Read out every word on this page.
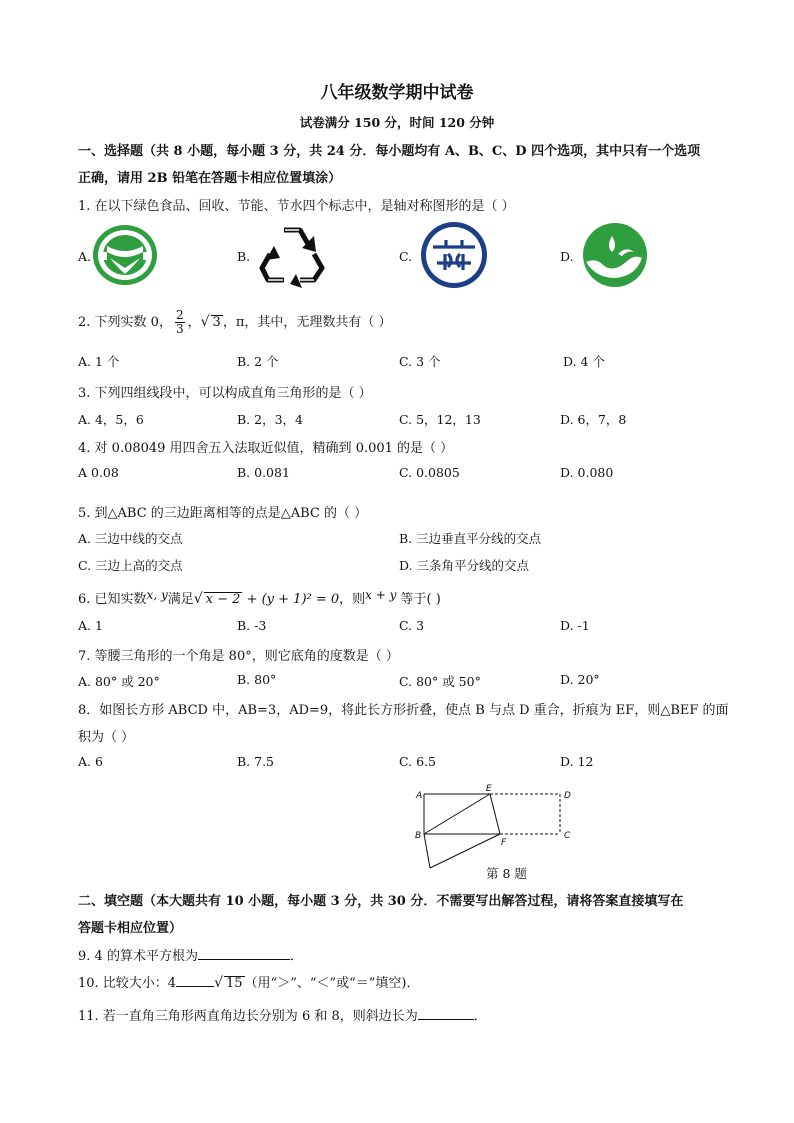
八年级数学期中试卷
试卷满分 150 分，时间 120 分钟
一、选择题（共 8 小题，每小题 3 分，共 24 分．每小题均有 A、B、C、D 四个选项，其中只有一个选项
正确，请用 2B 铅笔在答题卡相应位置填涂）
1. 在以下绿色食品、回收、节能、节水四个标志中，是轴对称图形的是（ ）
A.	B.	C.	D.
2. 下列实数 0， $\frac{2}{3}$ ，√ 3 ，π，其中，无理数共有（ ）
A. 1 个	B. 2 个	C. 3 个	D. 4 个
3. 下列四组线段中，可以构成直角三角形的是（ ）
A. 4，5，6	B. 2，3，4	C. 5，12，13	D. 6，7，8
4. 对 0.08049 用四舍五入法取近似值，精确到 0.001 的是（ ）
A 0.08	B. 0.081	C. 0.0805	D. 0.080
5. 到△ABC 的三边距离相等的点是△ABC 的（ ）
A. 三边中线的交点	B. 三边垂直平分线的交点
C. 三边上高的交点	D. 三条角平分线的交点
6. 已知实数x, y满足√ x − 2 + (y + 1)² = 0，则x + y 等于( )
A. 1	B. -3	C. 3	D. -1
7. 等腰三角形的一个角是 80°，则它底角的度数是（ ）
A. 80° 或 20°	B. 80°	C. 80° 或 50°	D. 20°
8．如图长方形 ABCD 中，AB=3，AD=9，将此长方形折叠，使点 B 与点 D 重合，折痕为 EF，则△BEF 的面
积为（ ）
A. 6	B. 7.5	C. 6.5	D. 12
A
B	C
D
E
F
第 8 题
二、填空题（本大题共有 10 小题，每小题 3 分，共 30 分．不需要写出解答过程，请将答案直接填写在
答题卡相应位置）
9. 4 的算术平方根为	．
10. 比较大小：4	√ 15 （用“＞”、“＜”或“＝”填空)．
11. 若一直角三角形两直角边长分别为 6 和 8，则斜边长为	．
